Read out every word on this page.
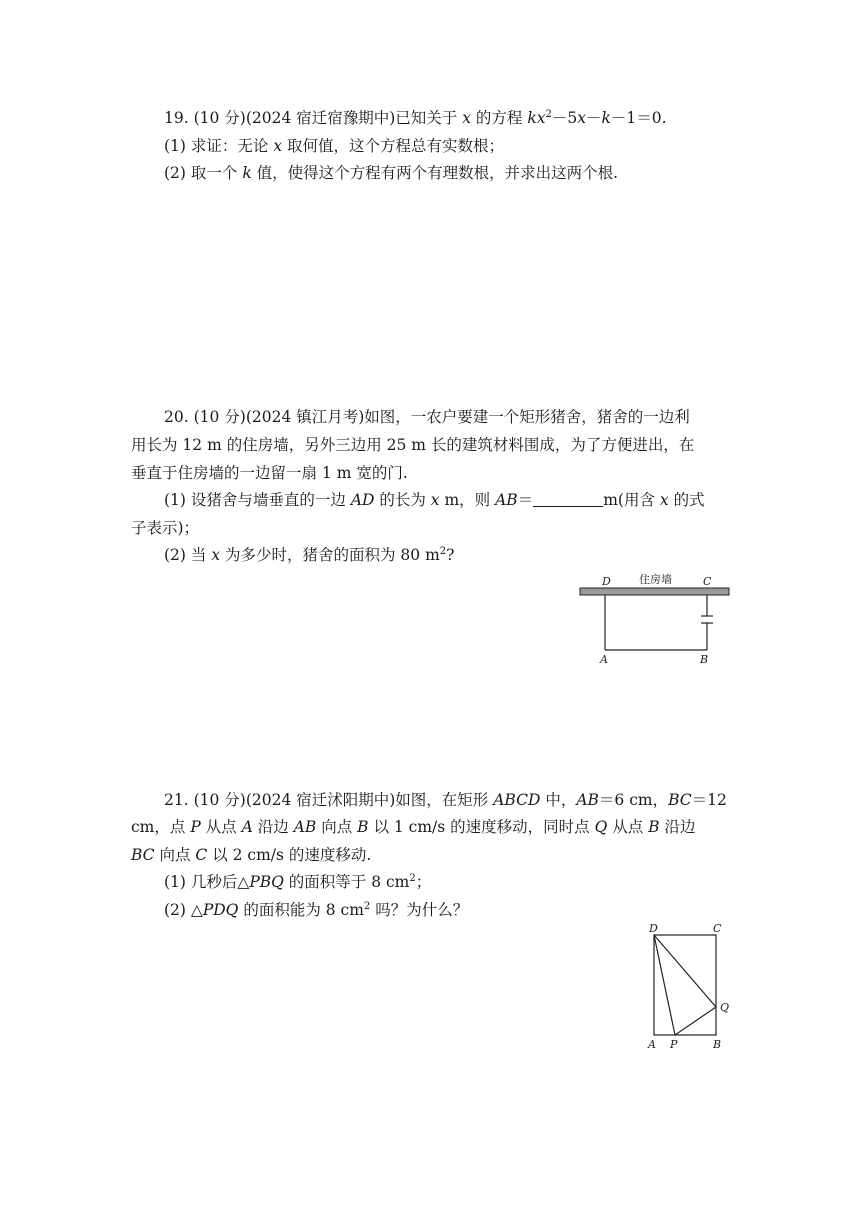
19. (10 分)(2024 宿迁宿豫期中)已知关于 x 的方程 $kx^2-5x-k-1=0$.
(1) 求证：无论 x 取何值，这个方程总有实数根；
(2) 取一个 k 值，使得这个方程有两个有理数根，并求出这两个根.
20. (10 分)(2024 镇江月考)如图，一农户要建一个矩形猪舍，猪舍的一边利
用长为 12 m 的住房墙，另外三边用 25 m 长的建筑材料围成，为了方便进出，在
垂直于住房墙的一边留一扇 1 m 宽的门.
(1) 设猪舍与墙垂直的一边 AD 的长为 x m，则 AB＝	m(用含 x 的式
子表示)；
(2) 当 x 为多少时，猪舍的面积为 80 $m^2$?
D	住房墙	C
A	B
21. (10 分)(2024 宿迁沭阳期中)如图，在矩形 ABCD 中，AB＝6 cm，BC＝12
cm，点 P 从点 A 沿边 AB 向点 B 以 1 cm/s 的速度移动，同时点 Q 从点 B 沿边
BC 向点 C 以 2 cm/s 的速度移动.
(1) 几秒后△PBQ 的面积等于 8 $cm^2$；
(2) △PDQ 的面积能为 8 $cm^2$ 吗？为什么？
D	C
Q
A P	B
